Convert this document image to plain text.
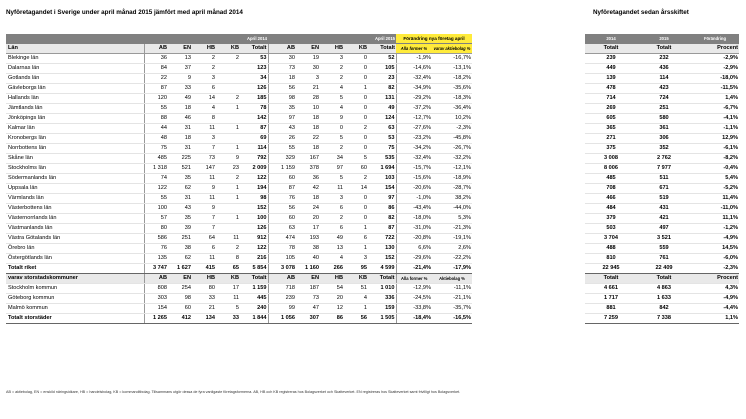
Nyföretagandet i Sverige under april månad 2015 jämfört med april månad 2014	Nyföretagandet sedan årsskiftet
	April 2014					April 2015					Förändring nya företag april	
Län	AB	EN	HB	KB	Totalt	AB	EN	HB	KB	Totalt	Alla former %	varav aktiebolag %
Blekinge län	36	13	2	2	53	30	19	3	0	52	-1,9%	-16,7%
Dalarnas län	84	37	2		123	73	30	2	0	105	-14,6%	-13,1%
Gotlands län	22	9	3		34	18	3	2	0	23	-32,4%	-18,2%
Gävleborgs län	87	33	6		126	56	21	4	1	82	-34,9%	-35,6%
Hallands län	120	49	14	2	185	98	28	5	0	131	-29,2%	-18,3%
Jämtlands län	55	18	4	1	78	35	10	4	0	49	-37,2%	-36,4%
Jönköpings län	88	46	8		142	97	18	9	0	124	-12,7%	10,2%
Kalmar län	44	31	11	1	87	43	18	0	2	63	-27,6%	-2,3%
Kronobergs län	48	18	3		69	26	22	5	0	53	-23,2%	-45,8%
Norrbottens län	75	31	7	1	114	55	18	2	0	75	-34,2%	-26,7%
Skåne län	485	225	73	9	792	329	167	34	5	535	-32,4%	-32,2%
Stockholms län	1 318	521	147	23	2 009	1 159	378	97	60	1 694	-15,7%	-12,1%
Södermanlands län	74	35	11	2	122	60	36	5	2	103	-15,6%	-18,9%
Uppsala län	122	62	9	1	194	87	42	11	14	154	-20,6%	-28,7%
Värmlands län	55	31	11	1	98	76	18	3	0	97	-1,0%	38,2%
Västerbottens län	100	43	9		152	56	24	6	0	86	-43,4%	-44,0%
Västernorrlands län	57	35	7	1	100	60	20	2	0	82	-18,0%	5,3%
Västmanlands län	80	39	7		126	63	17	6	1	87	-31,0%	-21,3%
Västra Götalands län	586	251	64	11	912	474	193	49	6	722	-20,8%	-19,1%
Örebro län	76	38	6	2	122	78	38	13	1	130	6,6%	2,6%
Östergötlands län	135	62	11	8	216	105	40	4	3	152	-29,6%	-22,2%
Totalt riket	3 747	1 627	415	65	5 854	3 078	1 160	266	95	4 599	-21,4%	-17,9%
varav storstadskommuner	AB	EN	HB	KB	Totalt	AB	EN	HB	KB	Totalt	Alla former %	Aktiebolag %
Stockholm kommun	808	254	80	17	1 159	718	187	54	51	1 010	-12,9%	-11,1%
Göteborg kommun	303	98	33	11	445	239	73	20	4	336	-24,5%	-21,1%
Malmö kommun	154	60	21	5	240	99	47	12	1	159	-33,8%	-35,7%
Totalt storstäder	1 265	412	134	33	1 844	1 056	307	86	56	1 505	-18,4%	-16,5%
2014	2015	Förändring
Totalt	Totalt	Procent
239	232	-2,9%
449	436	-2,9%
139	114	-18,0%
478	423	-11,5%
714	724	1,4%
269	251	-6,7%
605	580	-4,1%
365	361	-1,1%
271	306	12,9%
375	352	-6,1%
3 008	2 762	-8,2%
8 006	7 977	-0,4%
485	511	5,4%
708	671	-5,2%
466	519	11,4%
484	431	-11,0%
379	421	11,1%
503	497	-1,2%
3 704	3 521	-4,9%
488	559	14,5%
810	761	-6,0%
22 945	22 409	-2,3%
Totalt	Totalt	Procent
4 661	4 863	4,3%
1 717	1 633	-4,9%
881	842	-4,4%
7 259	7 338	1,1%
AB = aktiebolag, EN = enskild näringsidkare, HB = handelsbolag, KB = kommanditbolag. Tillsammans utgör dessa de fyra vanligaste företagsformerna. AB, HB och KB registreras hos Bolagsverket och Skatteverket. EN registreras hos Skatteverket samt frivilligt hos Bolagsverket.
